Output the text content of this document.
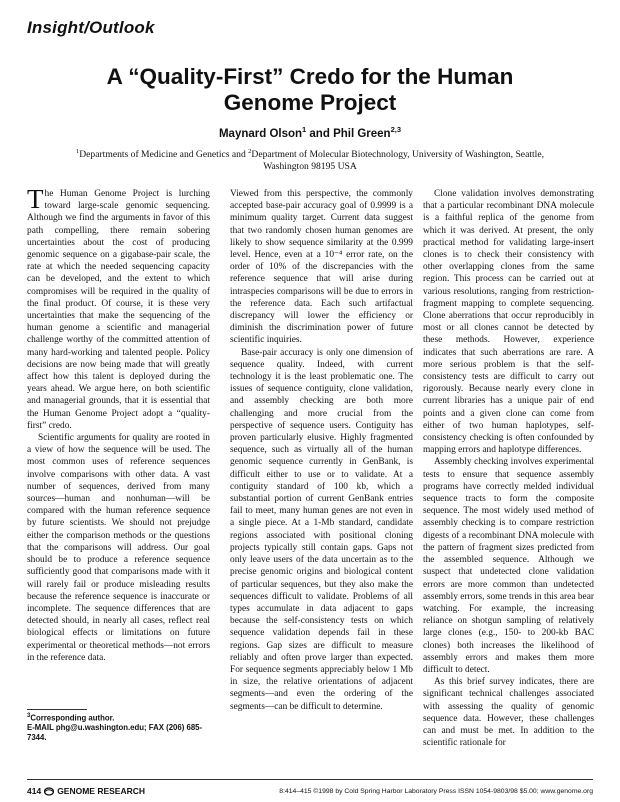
Insight/Outlook
A “Quality-First” Credo for the Human
Genome Project
Maynard Olson$^1$ and Phil Green$^{2,3}$
$^1$Departments of Medicine and Genetics and $^2$Department of Molecular Biotechnology, University of Washington, Seattle,
Washington 98195 USA

The Human Genome Project is lurching toward large-scale genomic sequencing. Although we find the arguments in favor of this path compelling, there remain sobering uncertainties about the cost of producing genomic sequence on a gigabase-pair scale, the rate at which the needed sequencing capacity can be developed, and the extent to which compromises will be required in the quality of the final product. Of course, it is these very uncertainties that make the sequencing of the human genome a scientific and managerial challenge worthy of the committed attention of many hard-working and talented people. Policy decisions are now being made that will greatly affect how this talent is deployed during the years ahead. We argue here, on both scientific and managerial grounds, that it is essential that the Human Genome Project adopt a “quality-first” credo.

Scientific arguments for quality are rooted in a view of how the sequence will be used. The most common uses of reference sequences involve comparisons with other data. A vast number of sequences, derived from many sources—human and nonhuman—will be compared with the human reference sequence by future scientists. We should not prejudge either the comparison methods or the questions that the comparisons will address. Our goal should be to produce a reference sequence sufficiently good that comparisons made with it will rarely fail or produce misleading results because the reference sequence is inaccurate or incomplete. The sequence differences that are detected should, in nearly all cases, reflect real biological effects or limitations on future experimental or theoretical methods—not errors in the reference data.

Viewed from this perspective, the commonly accepted base-pair accuracy goal of 0.9999 is a minimum quality target. Current data suggest that two randomly chosen human genomes are likely to show sequence similarity at the 0.999 level. Hence, even at a 10⁻⁴ error rate, on the order of 10% of the discrepancies with the reference sequence that will arise during intraspecies comparisons will be due to errors in the reference data. Each such artifactual discrepancy will lower the efficiency or diminish the discrimination power of future scientific inquiries.

Base-pair accuracy is only one dimension of sequence quality. Indeed, with current technology it is the least problematic one. The issues of sequence contiguity, clone validation, and assembly checking are both more challenging and more crucial from the perspective of sequence users. Contiguity has proven particularly elusive. Highly fragmented sequence, such as virtually all of the human genomic sequence currently in GenBank, is difficult either to use or to validate. At a contiguity standard of 100 kb, which a substantial portion of current GenBank entries fail to meet, many human genes are not even in a single piece. At a 1-Mb standard, candidate regions associated with positional cloning projects typically still contain gaps. Gaps not only leave users of the data uncertain as to the precise genomic origins and biological content of particular sequences, but they also make the sequences difficult to validate. Problems of all types accumulate in data adjacent to gaps because the self-consistency tests on which sequence validation depends fail in these regions. Gap sizes are difficult to measure reliably and often prove larger than expected. For sequence segments appreciably below 1 Mb in size, the relative orientations of adjacent segments—and even the ordering of the segments—can be difficult to determine.

Clone validation involves demonstrating that a particular recombinant DNA molecule is a faithful replica of the genome from which it was derived. At present, the only practical method for validating large-insert clones is to check their consistency with other overlapping clones from the same region. This process can be carried out at various resolutions, ranging from restriction-fragment mapping to complete sequencing. Clone aberrations that occur reproducibly in most or all clones cannot be detected by these methods. However, experience indicates that such aberrations are rare. A more serious problem is that the self-consistency tests are difficult to carry out rigorously. Because nearly every clone in current libraries has a unique pair of end points and a given clone can come from either of two human haplotypes, self-consistency checking is often confounded by mapping errors and haplotype differences.

Assembly checking involves experimental tests to ensure that sequence assembly programs have correctly melded individual sequence tracts to form the composite sequence. The most widely used method of assembly checking is to compare restriction digests of a recombinant DNA molecule with the pattern of fragment sizes predicted from the assembled sequence. Although we suspect that undetected clone validation errors are more common than undetected assembly errors, some trends in this area bear watching. For example, the increasing reliance on shotgun sampling of relatively large clones (e.g., 150- to 200-kb BAC clones) both increases the likelihood of assembly errors and makes them more difficult to detect.

As this brief survey indicates, there are significant technical challenges associated with assessing the quality of genomic sequence data. However, these challenges can and must be met. In addition to the scientific rationale for

$^3$Corresponding author.
E-MAIL phg@u.washington.edu; FAX (206) 685-7344.
414 GENOME RESEARCH	8:414–415 ©1998 by Cold Spring Harbor Laboratory Press ISSN 1054-9803/98 $5.00; www.genome.org
